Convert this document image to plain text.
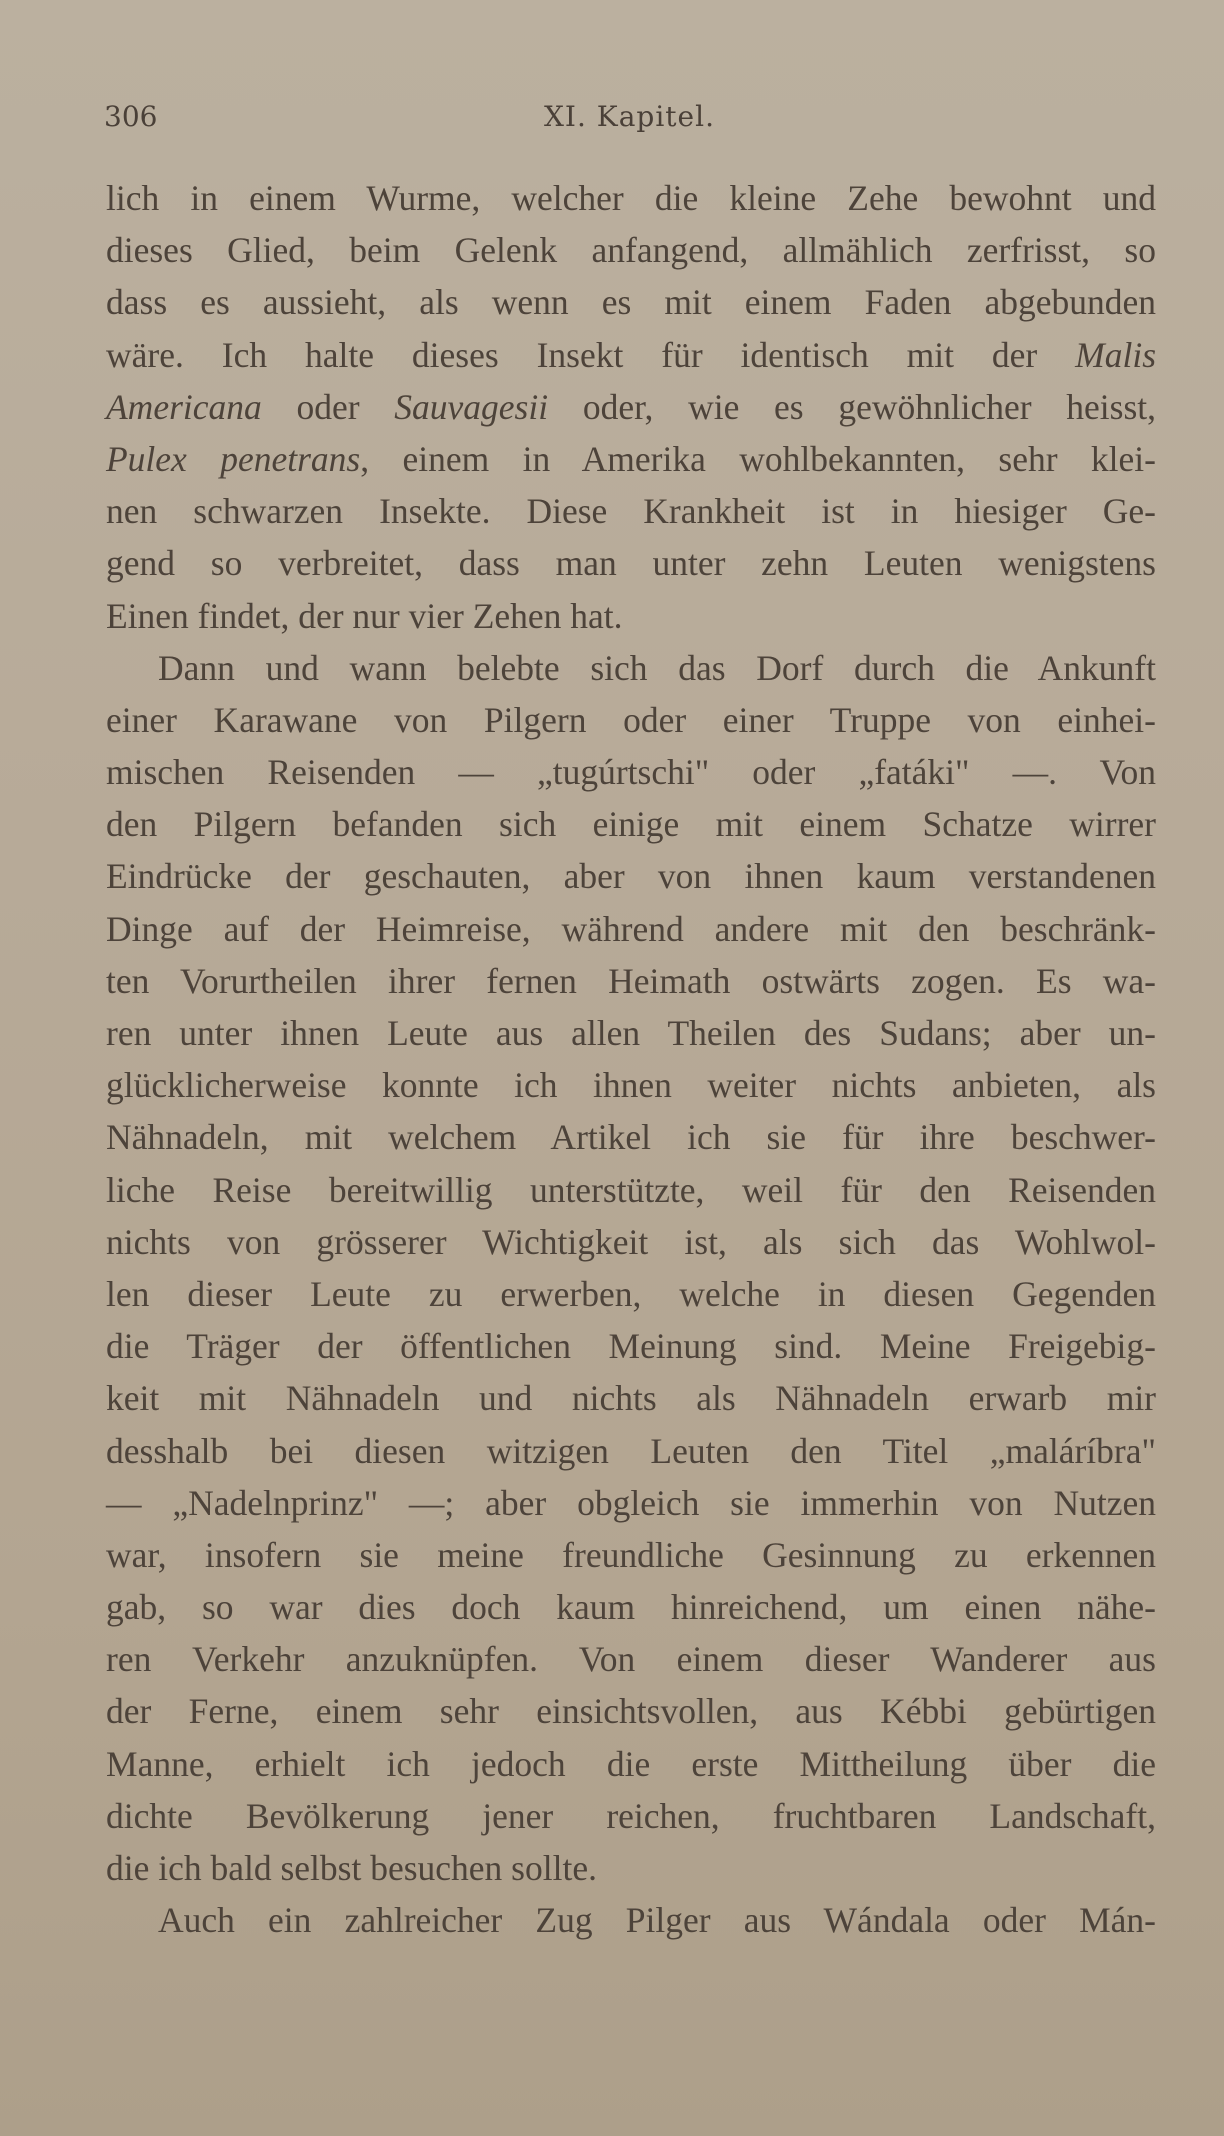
306	XI. Kapitel.
lich in einem Wurme, welcher die kleine Zehe bewohnt und
dieses Glied, beim Gelenk anfangend, allmählich zerfrisst, so
dass es aussieht, als wenn es mit einem Faden abgebunden
wäre. Ich halte dieses Insekt für identisch mit der Malis
Americana oder Sauvagesii oder, wie es gewöhnlicher heisst,
Pulex penetrans, einem in Amerika wohlbekannten, sehr klei-
nen schwarzen Insekte. Diese Krankheit ist in hiesiger Ge-
gend so verbreitet, dass man unter zehn Leuten wenigstens
Einen findet, der nur vier Zehen hat.
Dann und wann belebte sich das Dorf durch die Ankunft
einer Karawane von Pilgern oder einer Truppe von einhei-
mischen Reisenden — „tugúrtschi" oder „fatáki" —. Von
den Pilgern befanden sich einige mit einem Schatze wirrer
Eindrücke der geschauten, aber von ihnen kaum verstandenen
Dinge auf der Heimreise, während andere mit den beschränk-
ten Vorurtheilen ihrer fernen Heimath ostwärts zogen. Es wa-
ren unter ihnen Leute aus allen Theilen des Sudans; aber un-
glücklicherweise konnte ich ihnen weiter nichts anbieten, als
Nähnadeln, mit welchem Artikel ich sie für ihre beschwer-
liche Reise bereitwillig unterstützte, weil für den Reisenden
nichts von grösserer Wichtigkeit ist, als sich das Wohlwol-
len dieser Leute zu erwerben, welche in diesen Gegenden
die Träger der öffentlichen Meinung sind. Meine Freigebig-
keit mit Nähnadeln und nichts als Nähnadeln erwarb mir
desshalb bei diesen witzigen Leuten den Titel „maláríbra"
— „Nadelnprinz" —; aber obgleich sie immerhin von Nutzen
war, insofern sie meine freundliche Gesinnung zu erkennen
gab, so war dies doch kaum hinreichend, um einen nähe-
ren Verkehr anzuknüpfen. Von einem dieser Wanderer aus
der Ferne, einem sehr einsichtsvollen, aus Kébbi gebürtigen
Manne, erhielt ich jedoch die erste Mittheilung über die
dichte Bevölkerung jener reichen, fruchtbaren Landschaft,
die ich bald selbst besuchen sollte.
Auch ein zahlreicher Zug Pilger aus Wándala oder Mán-
